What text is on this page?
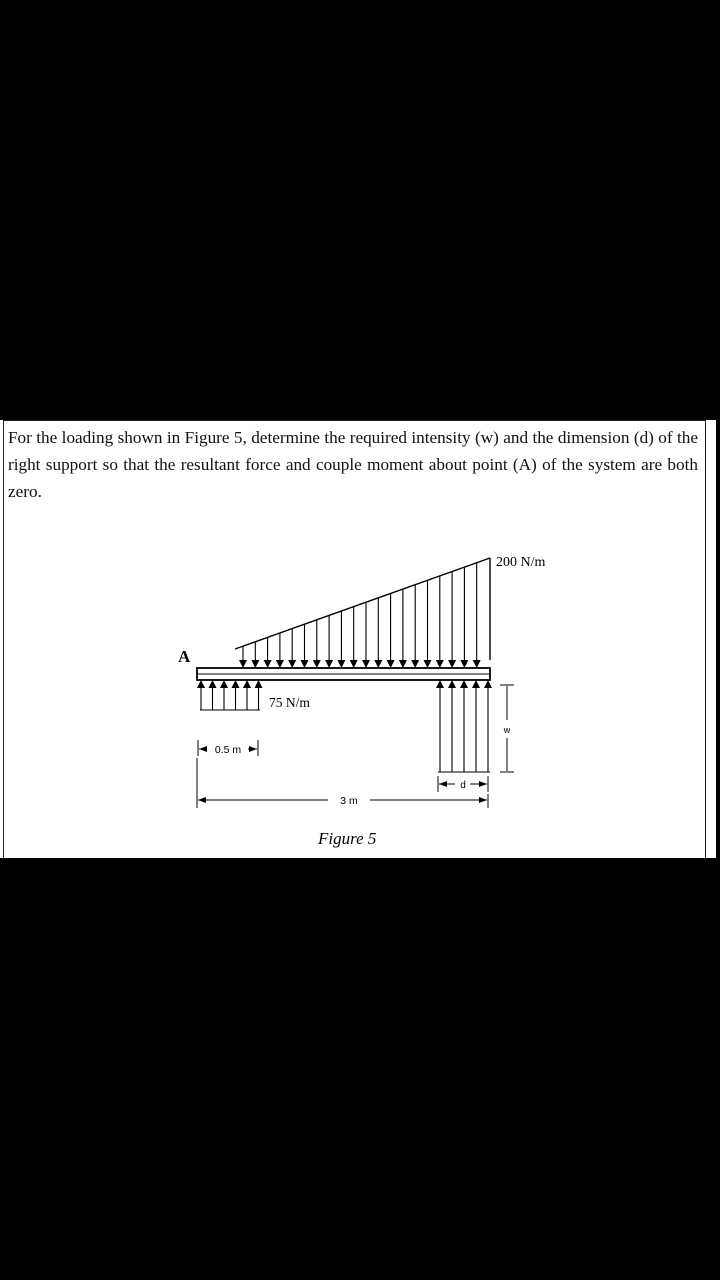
For the loading shown in Figure 5, determine the required intensity (w) and the dimension (d) of the right support so that the resultant force and couple moment about point (A) of the system are both zero.

w
0.5 m
d
3 m
A
200 N/m
75 N/m
Figure 5
